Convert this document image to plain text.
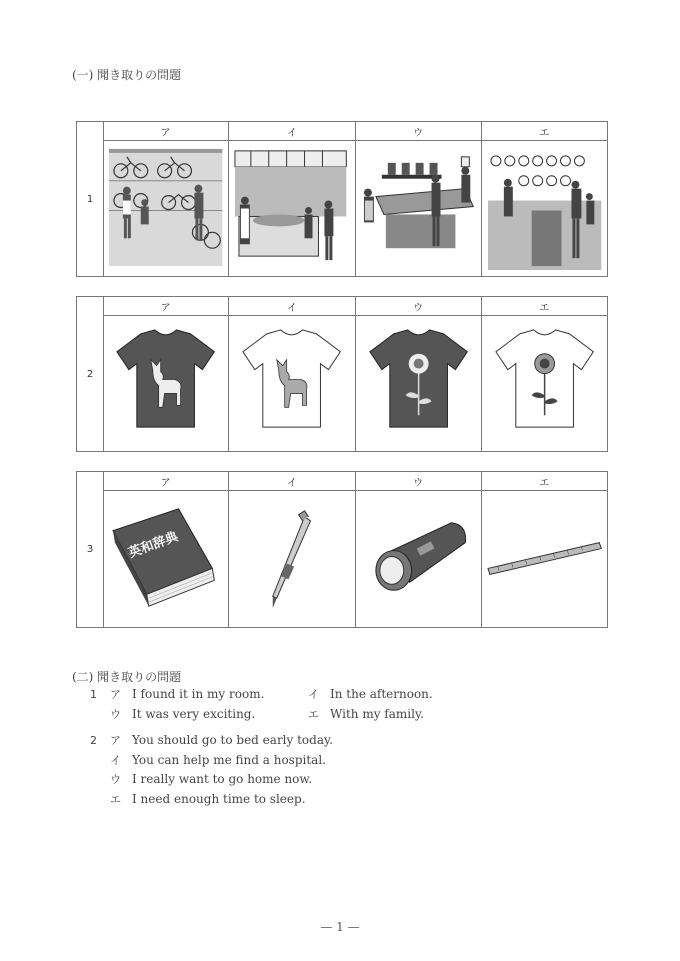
(一) 聞き取りの問題
1
ア	イ	ウ	エ
2
ア	イ	ウ	エ
3
ア	イ	ウ	エ
英和辞典
(二) 聞き取りの問題
1 ア I found it in my room.	イ In the afternoon.
ウ It was very exciting.	エ With my family.
2 ア You should go to bed early today.
イ You can help me find a hospital.
ウ I really want to go home now.
エ I need enough time to sleep.
— 1 —
